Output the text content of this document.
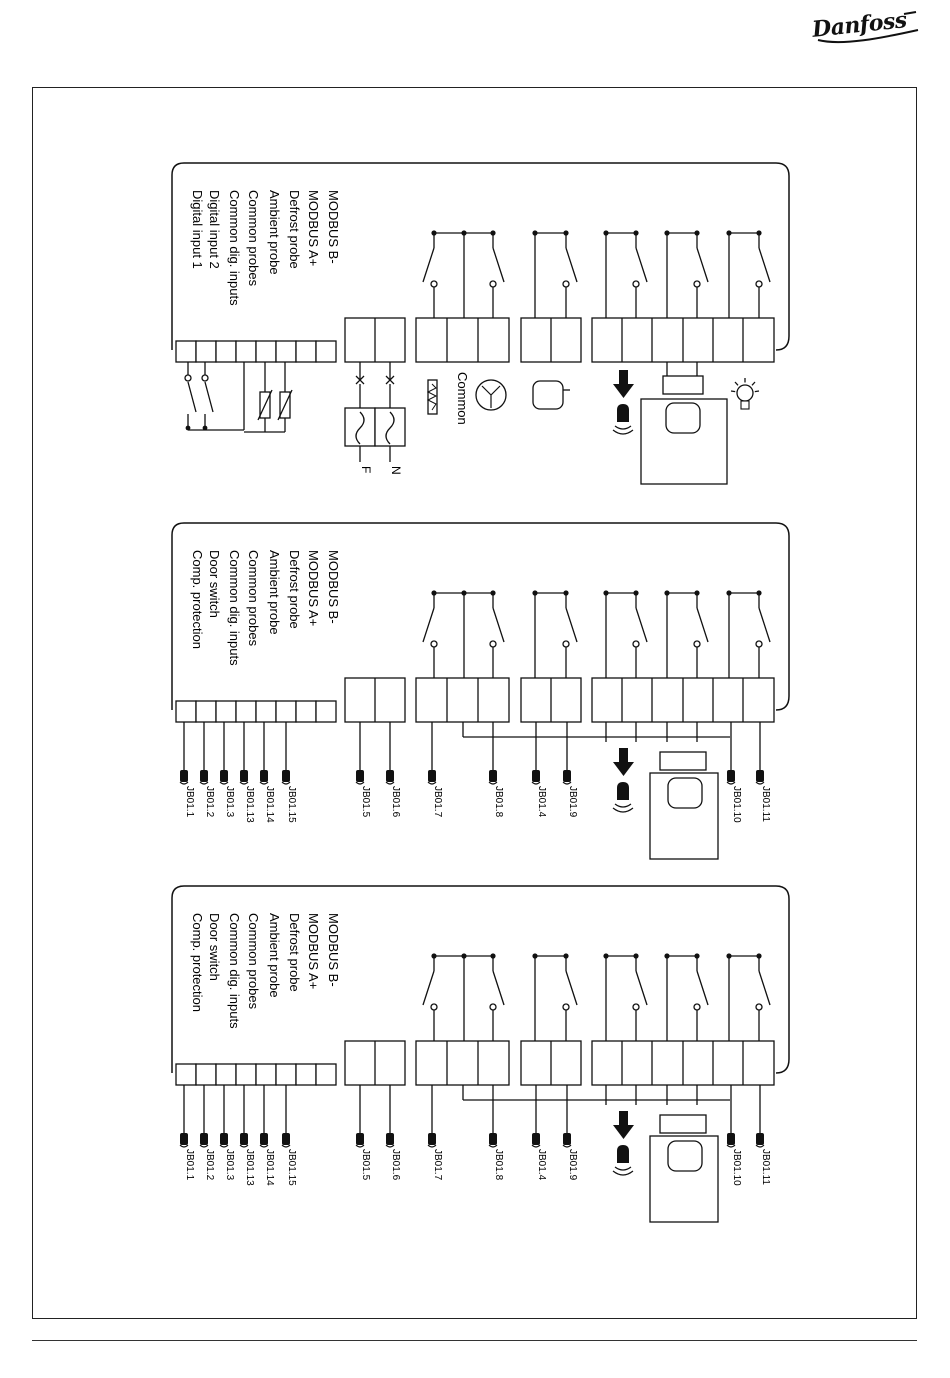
Danfoss
MODBUS B-
MODBUS A+
Defrost probe
Ambient probe
Common probes
Common dig. inputs
Digital input 2
Digital input 1
F N
Common
MODBUS B-
MODBUS A+
Defrost probe
Ambient probe
Common probes
Common dig. inputs
Door switch
Comp. protection
JB01.1 JB01.2 JB01.3 JB01.13 JB01.14 JB01.15	JB01.5 JB01.6	JB01.7	JB01.8	JB01.4 JB01.9	JB01.10 JB01.11
MODBUS B-
MODBUS A+
Defrost probe
Ambient probe
Common probes
Common dig. inputs
Door switch
Comp. protection
JB01.1 JB01.2 JB01.3 JB01.13 JB01.14 JB01.15	JB01.5 JB01.6	JB01.7	JB01.8	JB01.4 JB01.9	JB01.10 JB01.11
